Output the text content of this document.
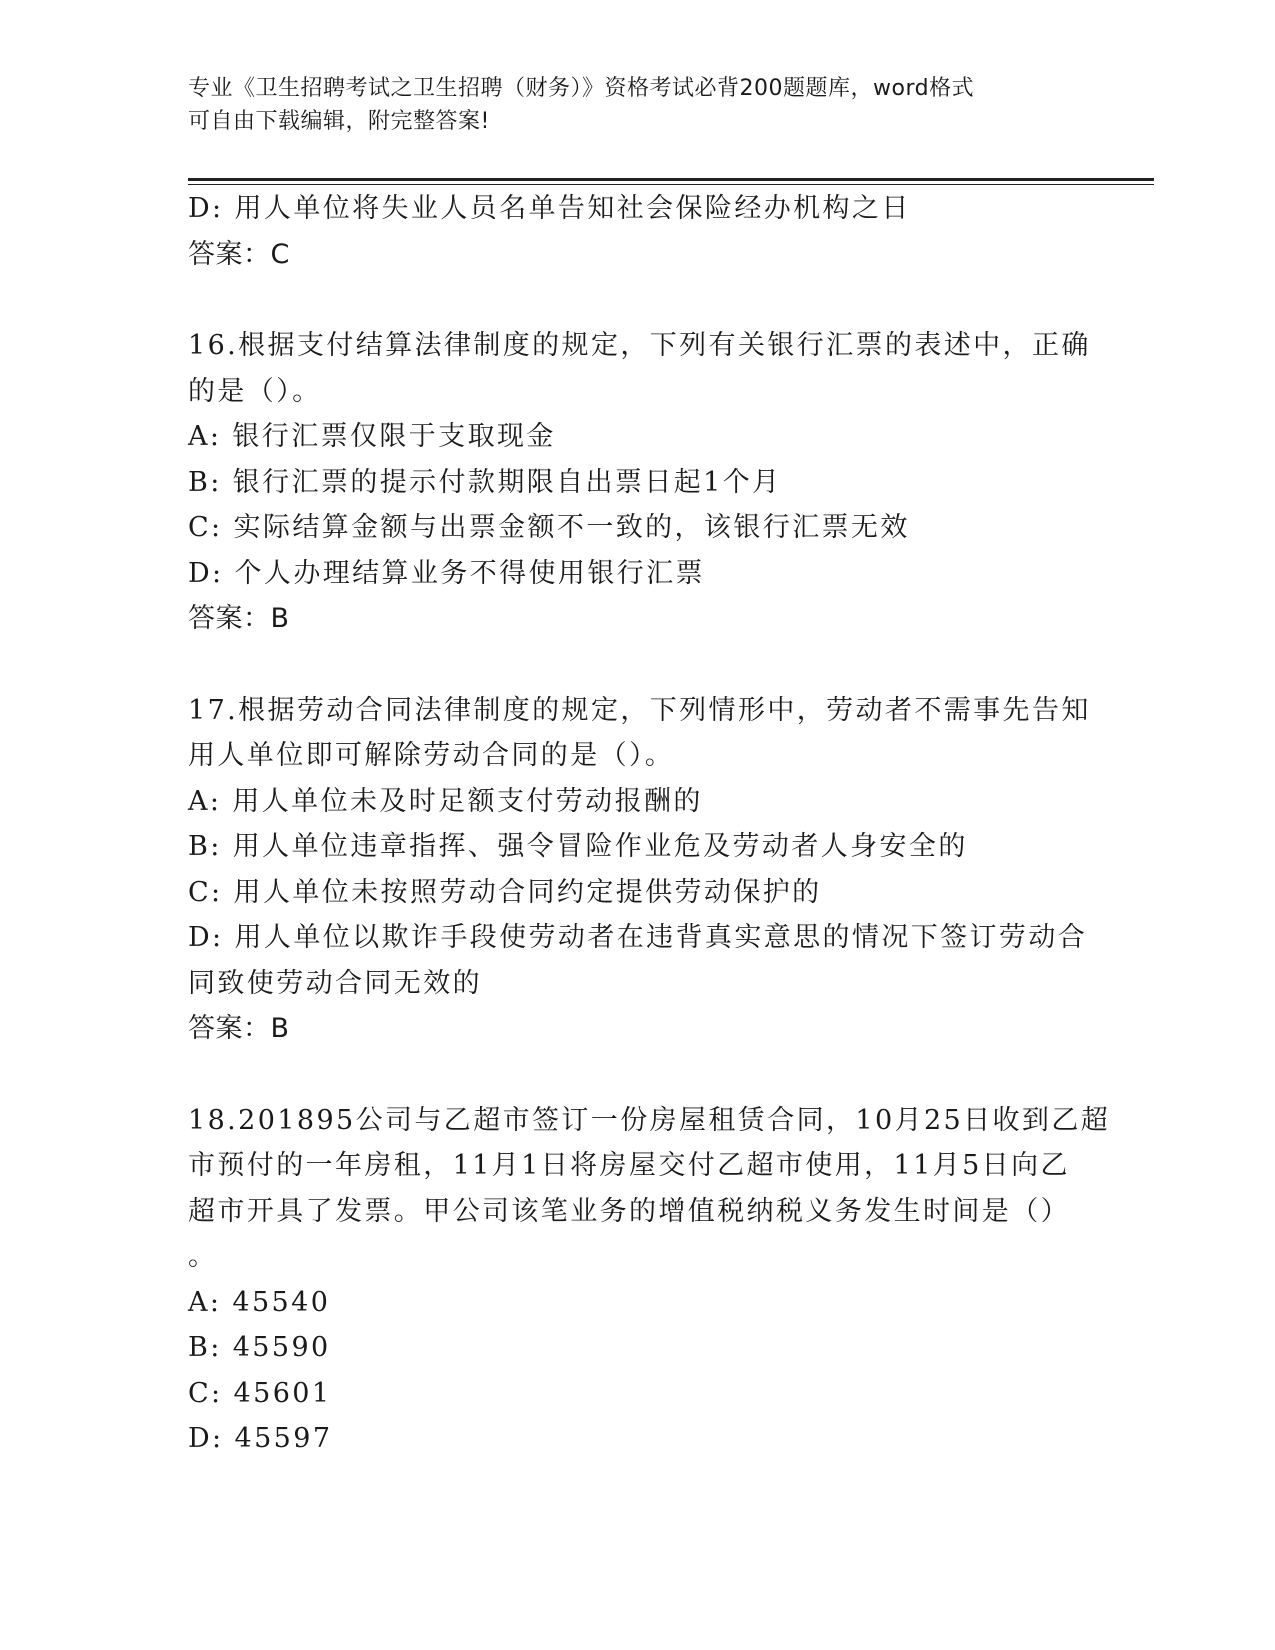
专业《卫生招聘考试之卫生招聘（财务）》资格考试必背200题题库，word格式
可自由下载编辑，附完整答案!
D: 用人单位将失业人员名单告知社会保险经办机构之日
答案：C
16.根据支付结算法律制度的规定，下列有关银行汇票的表述中，正确
的是（）。
A: 银行汇票仅限于支取现金
B: 银行汇票的提示付款期限自出票日起1个月
C: 实际结算金额与出票金额不一致的，该银行汇票无效
D: 个人办理结算业务不得使用银行汇票
答案：B
17.根据劳动合同法律制度的规定，下列情形中，劳动者不需事先告知
用人单位即可解除劳动合同的是（）。
A: 用人单位未及时足额支付劳动报酬的
B: 用人单位违章指挥、强令冒险作业危及劳动者人身安全的
C: 用人单位未按照劳动合同约定提供劳动保护的
D: 用人单位以欺诈手段使劳动者在违背真实意思的情况下签订劳动合
同致使劳动合同无效的
答案：B
18.201895公司与乙超市签订一份房屋租赁合同，10月25日收到乙超
市预付的一年房租，11月1日将房屋交付乙超市使用，11月5日向乙
超市开具了发票。甲公司该笔业务的增值税纳税义务发生时间是（）
。
A: 45540
B: 45590
C: 45601
D: 45597
